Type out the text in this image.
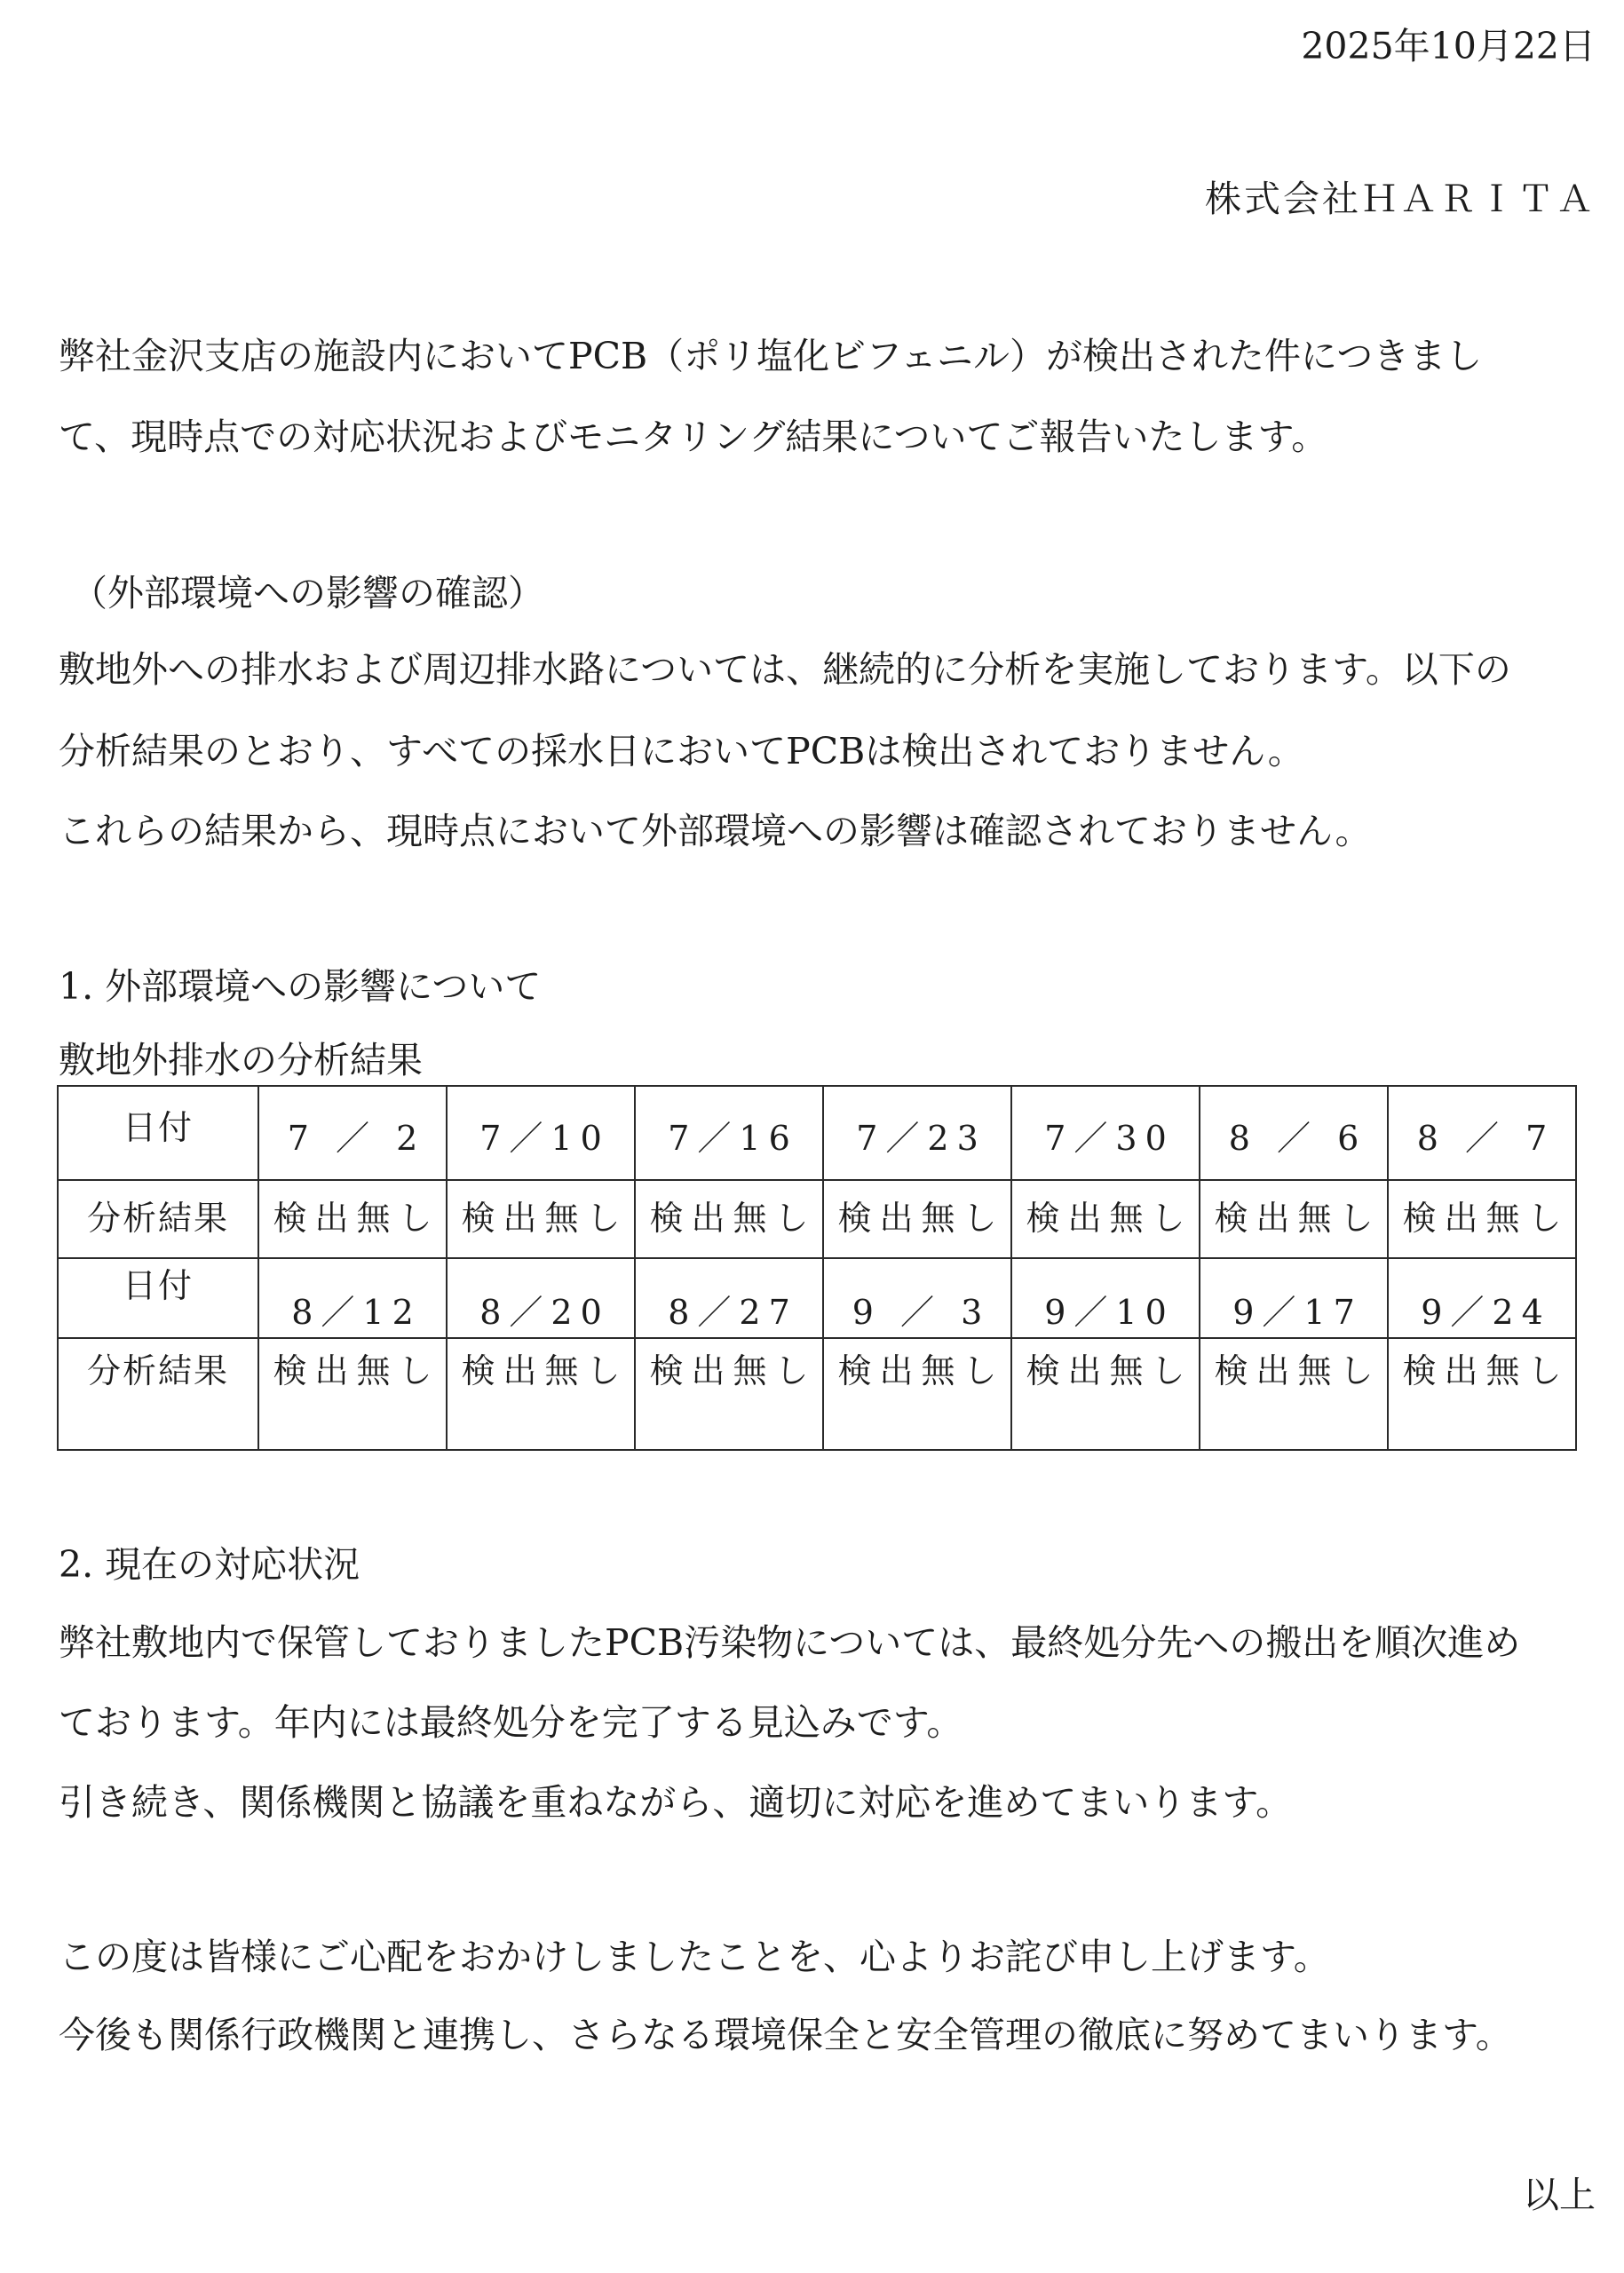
2025年10月22日

株式会社ＨＡＲＩＴＡ

弊社金沢支店の施設内においてPCB（ポリ塩化ビフェニル）が検出された件につきまし

て、現時点での対応状況およびモニタリング結果についてご報告いたします。

（外部環境への影響の確認）

敷地外への排水および周辺排水路については、継続的に分析を実施しております。以下の

分析結果のとおり、すべての採水日においてPCBは検出されておりません。

これらの結果から、現時点において外部環境への影響は確認されておりません。

1. 外部環境への影響について

敷地外排水の分析結果

日付	7 ／ 2	7／10	7／16	7／23	7／30	8 ／ 6	8 ／ 7
分析結果	検出無し	検出無し	検出無し	検出無し	検出無し	検出無し	検出無し
日付	8／12	8／20	8／27	9 ／ 3	9／10	9／17	9／24
分析結果	検出無し	検出無し	検出無し	検出無し	検出無し	検出無し	検出無し

2. 現在の対応状況

弊社敷地内で保管しておりましたPCB汚染物については、最終処分先への搬出を順次進め

ております。年内には最終処分を完了する見込みです。

引き続き、関係機関と協議を重ねながら、適切に対応を進めてまいります。

この度は皆様にご心配をおかけしましたことを、心よりお詫び申し上げます。

今後も関係行政機関と連携し、さらなる環境保全と安全管理の徹底に努めてまいります。

以上
